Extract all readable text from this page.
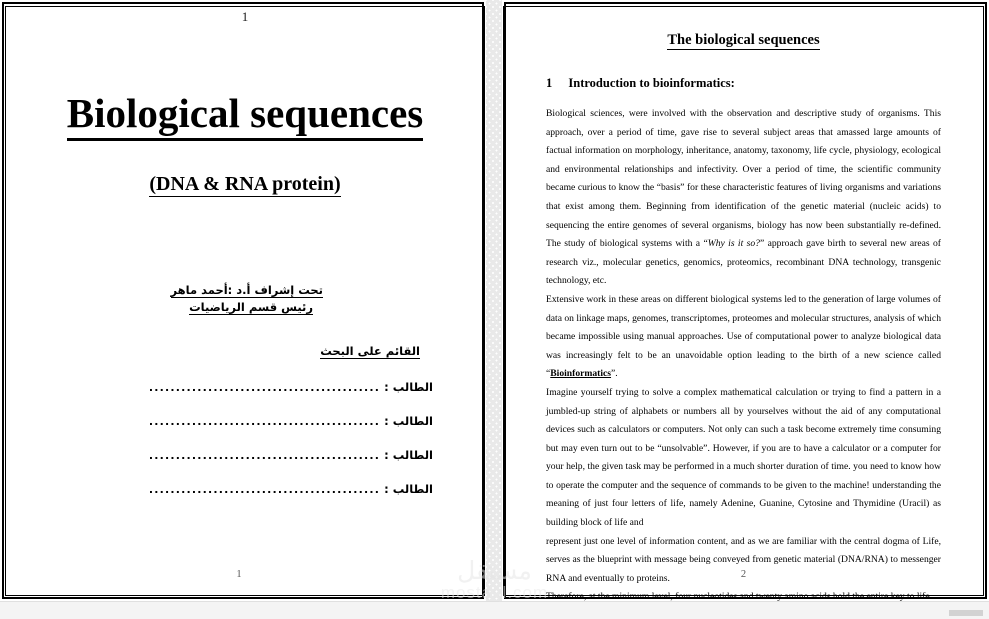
1
Biological sequences
(DNA & RNA protein)
تحت إشراف أ.د :أحمد ماهر
رئيس قسم الرياضيات
القائم على البحث
الطالب :
...........................................
الطالب :
...........................................
الطالب :
...........................................
الطالب :
...........................................
1
The biological sequences
1 Introduction to bioinformatics:

Biological sciences, were involved with the observation and descriptive study of organisms. This approach, over a period of time, gave rise to several subject areas that amassed large amounts of factual information on morphology, inheritance, anatomy, taxonomy, life cycle, physiology, ecological and environmental relationships and infectivity. Over a period of time, the scientific community became curious to know the “basis” for these characteristic features of living organisms and variations that exist among them. Beginning from identification of the genetic material (nucleic acids) to sequencing the entire genomes of several organisms, biology has now been substantially re-defined. The study of biological systems with a “Why is it so?” approach gave birth to several new areas of research viz., molecular genetics, genomics, proteomics, recombinant DNA technology, transgenic technology, etc.

Extensive work in these areas on different biological systems led to the generation of large volumes of data on linkage maps, genomes, transcriptomes, proteomes and molecular structures, analysis of which became impossible using manual approaches. Use of computational power to analyze biological data was increasingly felt to be an unavoidable option leading to the birth of a new science called “Bioinformatics”.

Imagine yourself trying to solve a complex mathematical calculation or trying to find a pattern in a jumbled-up string of alphabets or numbers all by yourselves without the aid of any computational devices such as calculators or computers. Not only can such a task become extremely time consuming but may even turn out to be “unsolvable”. However, if you are to have a calculator or a computer for your help, the given task may be performed in a much shorter duration of time. you need to know how to operate the computer and the sequence of commands to be given to the machine! understanding the meaning of just four letters of life, namely Adenine, Guanine, Cytosine and Thymidine (Uracil) as building block of life and

represent just one level of information content, and as we are familiar with the central dogma of Life, serves as the blueprint with message being conveyed from genetic material (DNA/RNA) to messenger RNA and eventually to proteins.

Therefore, at the minimum level, four nucleotides and twenty amino acids hold the entire key to life.

2
مستقل
mostaql.com
